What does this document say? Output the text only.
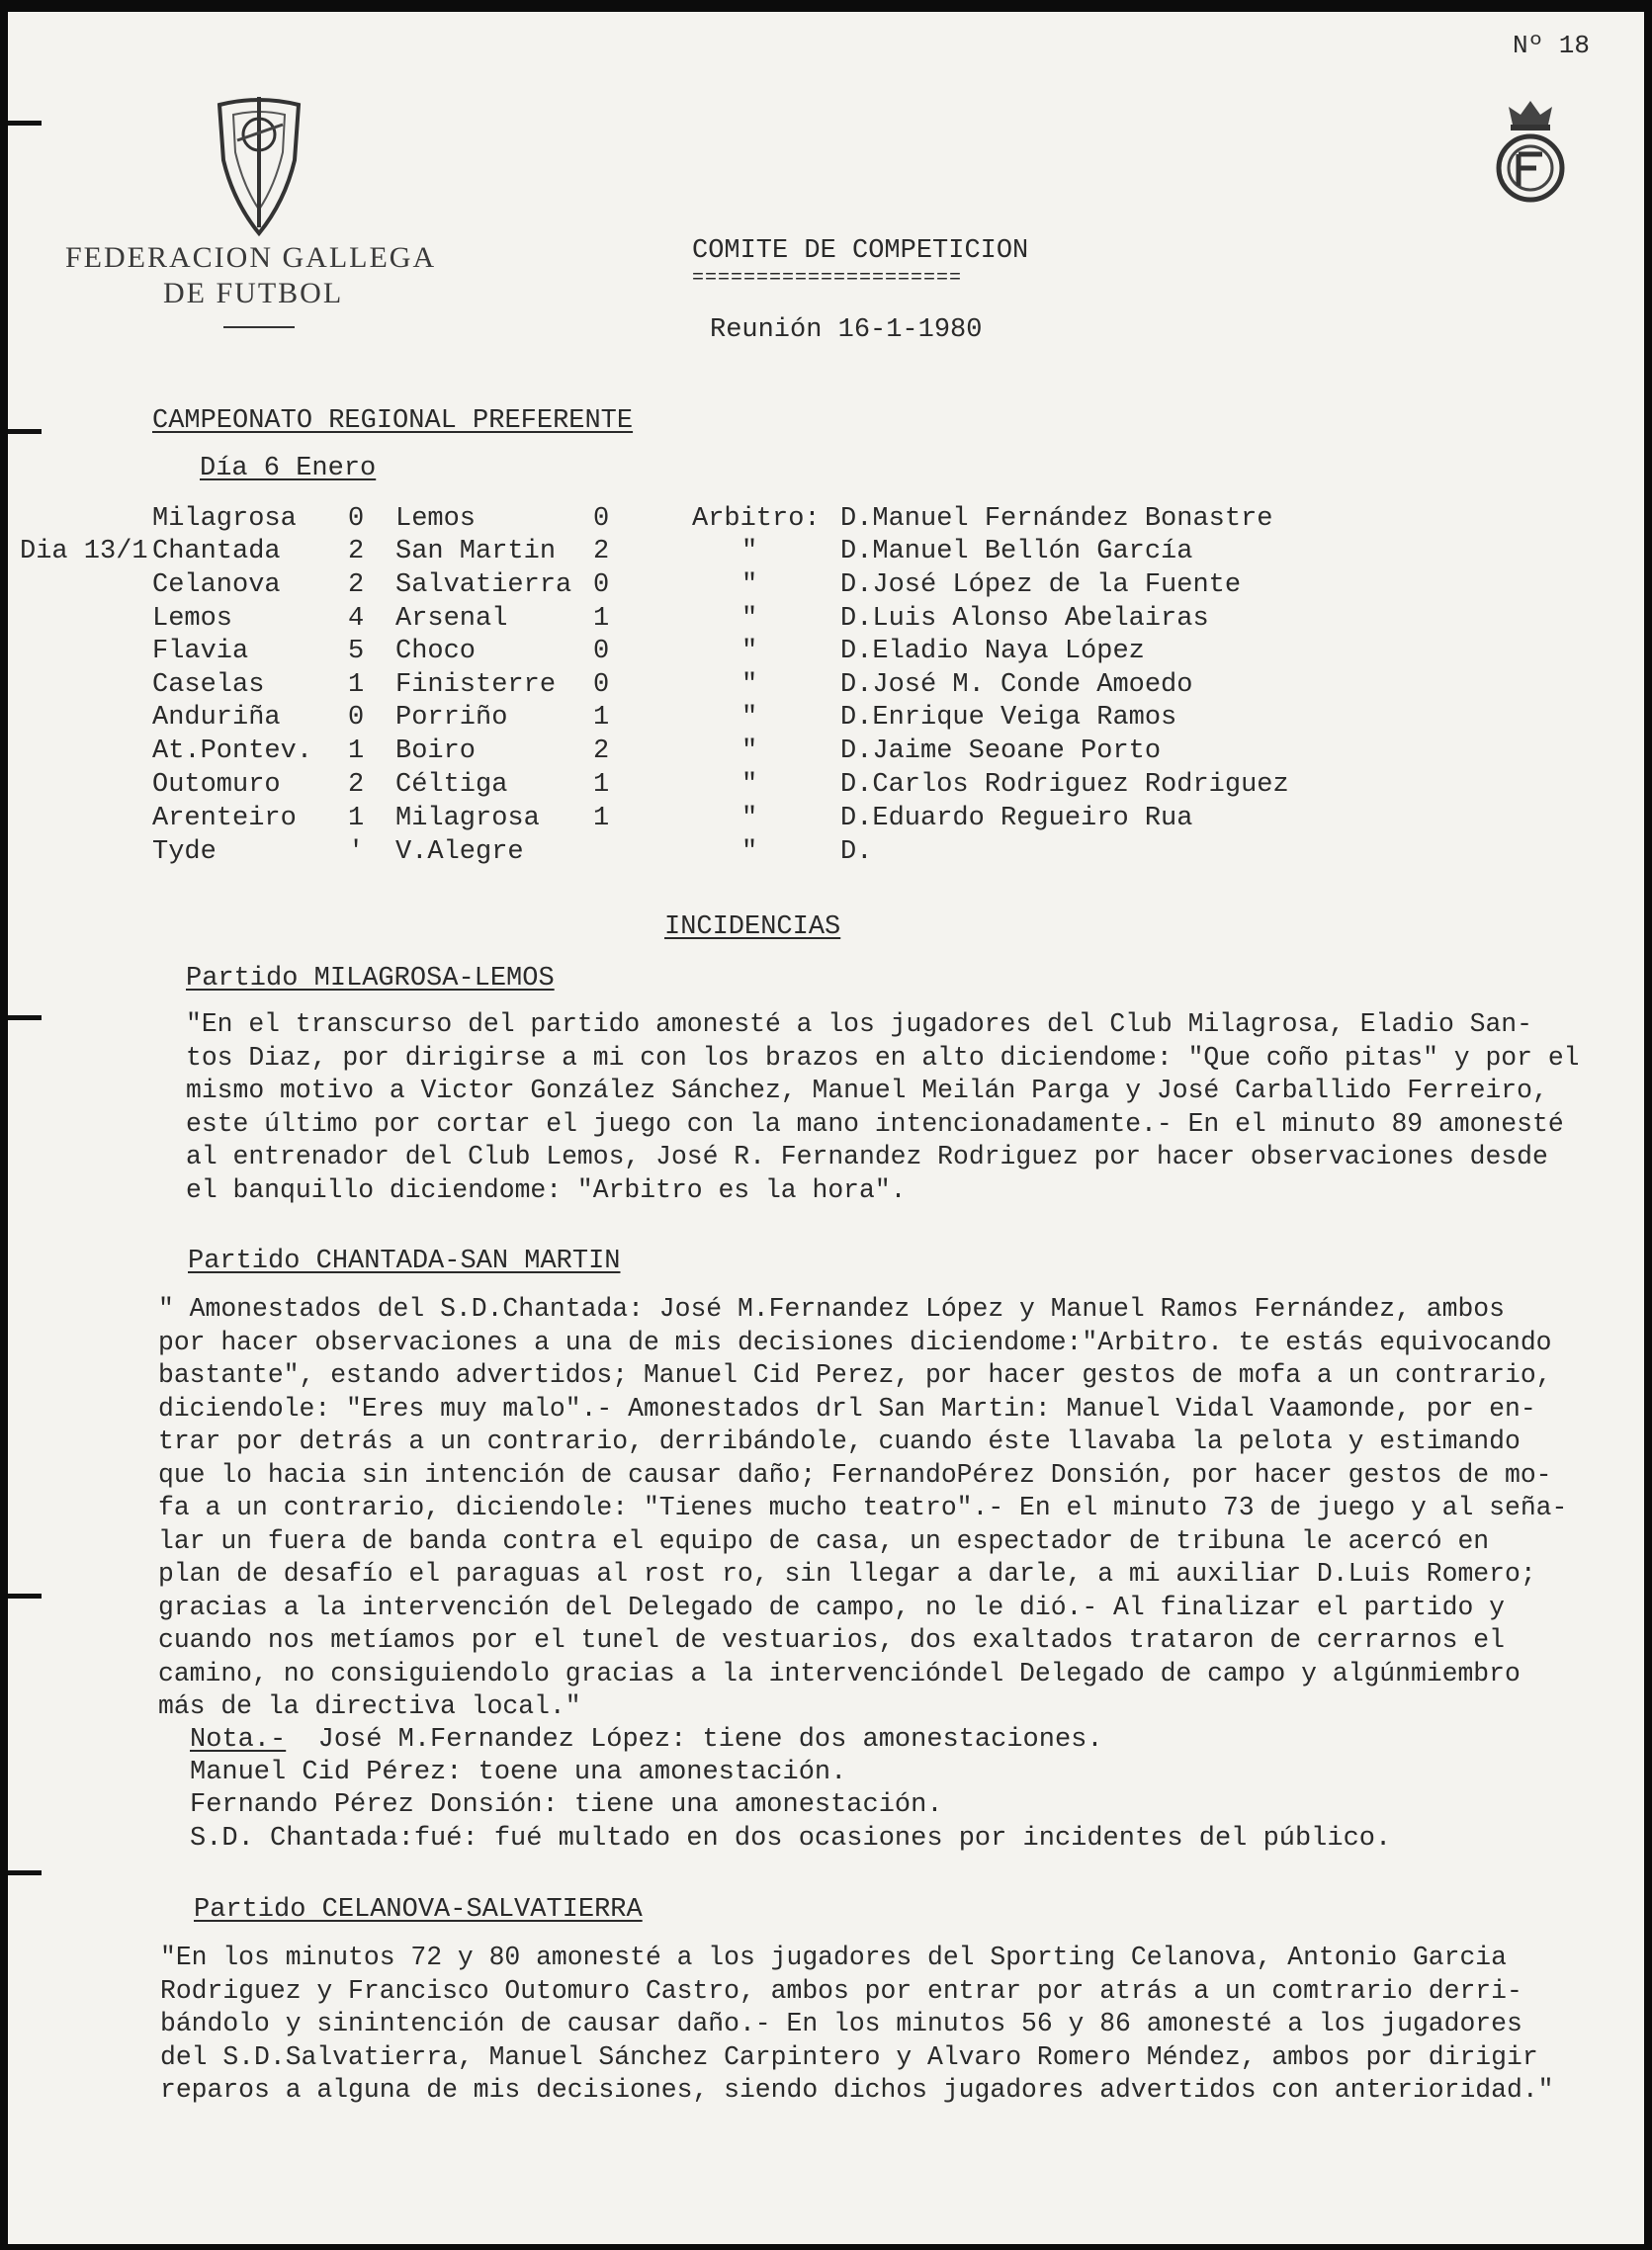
Nº 18
FEDERACION GALLEGA
DE FUTBOL
COMITE DE COMPETICION
=====================
Reunión 16-1-1980
CAMPEONATO REGIONAL PREFERENTE
Día 6 Enero
Dia 13/1
Milagrosa 0 Lemos	0	Arbitro: D.Manuel Fernández Bonastre
Chantada	2 San Martin 2	"	D.Manuel Bellón García
Celanova	2 Salvatierra 0	"	D.José López de la Fuente
Lemos	4 Arsenal	1	"	D.Luis Alonso Abelairas
Flavia	5 Choco	0	"	D.Eladio Naya López
Caselas	1 Finisterre 0	"	D.José M. Conde Amoedo
Anduriña	0 Porriño	1	"	D.Enrique Veiga Ramos
At.Pontev. 1 Boiro	2	"	D.Jaime Seoane Porto
Outomuro	2 Céltiga	1	"	D.Carlos Rodriguez Rodriguez
Arenteiro 1 Milagrosa 1	"	D.Eduardo Regueiro Rua
Tyde	' V.Alegre	"	D.
INCIDENCIAS
Partido MILAGROSA-LEMOS
"En el transcurso del partido amonesté a los jugadores del Club Milagrosa, Eladio San-
tos Diaz, por dirigirse a mi con los brazos en alto diciendome: "Que coño pitas" y por el
mismo motivo a Victor González Sánchez, Manuel Meilán Parga y José Carballido Ferreiro,
este último por cortar el juego con la mano intencionadamente.- En el minuto 89 amonesté
al entrenador del Club Lemos, José R. Fernandez Rodriguez por hacer observaciones desde
el banquillo diciendome: "Arbitro es la hora".
Partido CHANTADA-SAN MARTIN
" Amonestados del S.D.Chantada: José M.Fernandez López y Manuel Ramos Fernández, ambos
por hacer observaciones a una de mis decisiones diciendome:"Arbitro. te estás equivocando
bastante", estando advertidos; Manuel Cid Perez, por hacer gestos de mofa a un contrario,
diciendole: "Eres muy malo".- Amonestados drl San Martin: Manuel Vidal Vaamonde, por en-
trar por detrás a un contrario, derribándole, cuando éste llavaba la pelota y estimando
que lo hacia sin intención de causar daño; FernandoPérez Donsión, por hacer gestos de mo-
fa a un contrario, diciendole: "Tienes mucho teatro".- En el minuto 73 de juego y al seña-
lar un fuera de banda contra el equipo de casa, un espectador de tribuna le acercó en
plan de desafío el paraguas al rost ro, sin llegar a darle, a mi auxiliar D.Luis Romero;
gracias a la intervención del Delegado de campo, no le dió.- Al finalizar el partido y
cuando nos metíamos por el tunel de vestuarios, dos exaltados trataron de cerrarnos el
camino, no consiguiendolo gracias a la intervencióndel Delegado de campo y algúnmiembro
más de la directiva local."
Nota.-  José M.Fernandez López: tiene dos amonestaciones.
Manuel Cid Pérez: toene una amonestación.
Fernando Pérez Donsión: tiene una amonestación.
S.D. Chantada:fué: fué multado en dos ocasiones por incidentes del público.
Partido CELANOVA-SALVATIERRA
"En los minutos 72 y 80 amonesté a los jugadores del Sporting Celanova, Antonio Garcia
Rodriguez y Francisco Outomuro Castro, ambos por entrar por atrás a un comtrario derri-
bándolo y sinintención de causar daño.- En los minutos 56 y 86 amonesté a los jugadores
del S.D.Salvatierra, Manuel Sánchez Carpintero y Alvaro Romero Méndez, ambos por dirigir
reparos a alguna de mis decisiones, siendo dichos jugadores advertidos con anterioridad."
